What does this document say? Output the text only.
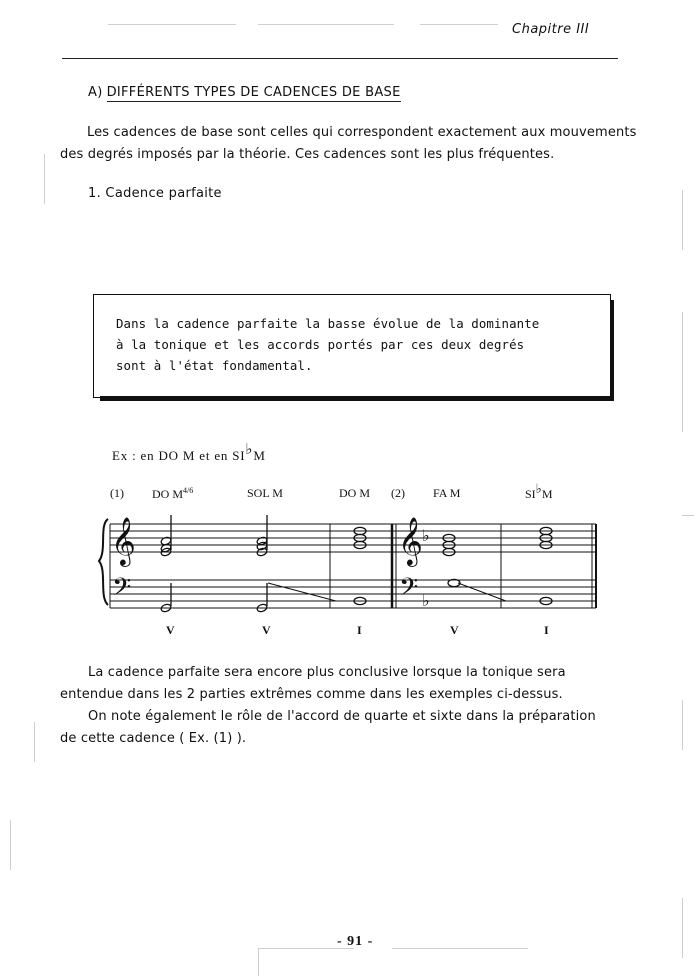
Chapitre III
A) DIFFÉRENTS TYPES DE CADENCES DE BASE
Les cadences de base sont celles qui correspondent exactement aux mouvements
des degrés imposés par la théorie. Ces cadences sont les plus fréquentes.
1. Cadence parfaite
Dans la cadence parfaite la basse évolue de la dominante
à la tonique et les accords portés par ces deux degrés
sont à l'état fondamental.
Ex : en DO M et en SI♭M
(1) DO $M^{4/6}$	SOL M	DO M (2) FA M	SI♭M
𝄞
𝄢
𝄞
𝄢
♭
♭
V	V	I	V	I
La cadence parfaite sera encore plus conclusive lorsque la tonique sera
entendue dans les 2 parties extrêmes comme dans les exemples ci-dessus.
On note également le rôle de l'accord de quarte et sixte dans la préparation
de cette cadence ( Ex. (1) ).
- 91 -
